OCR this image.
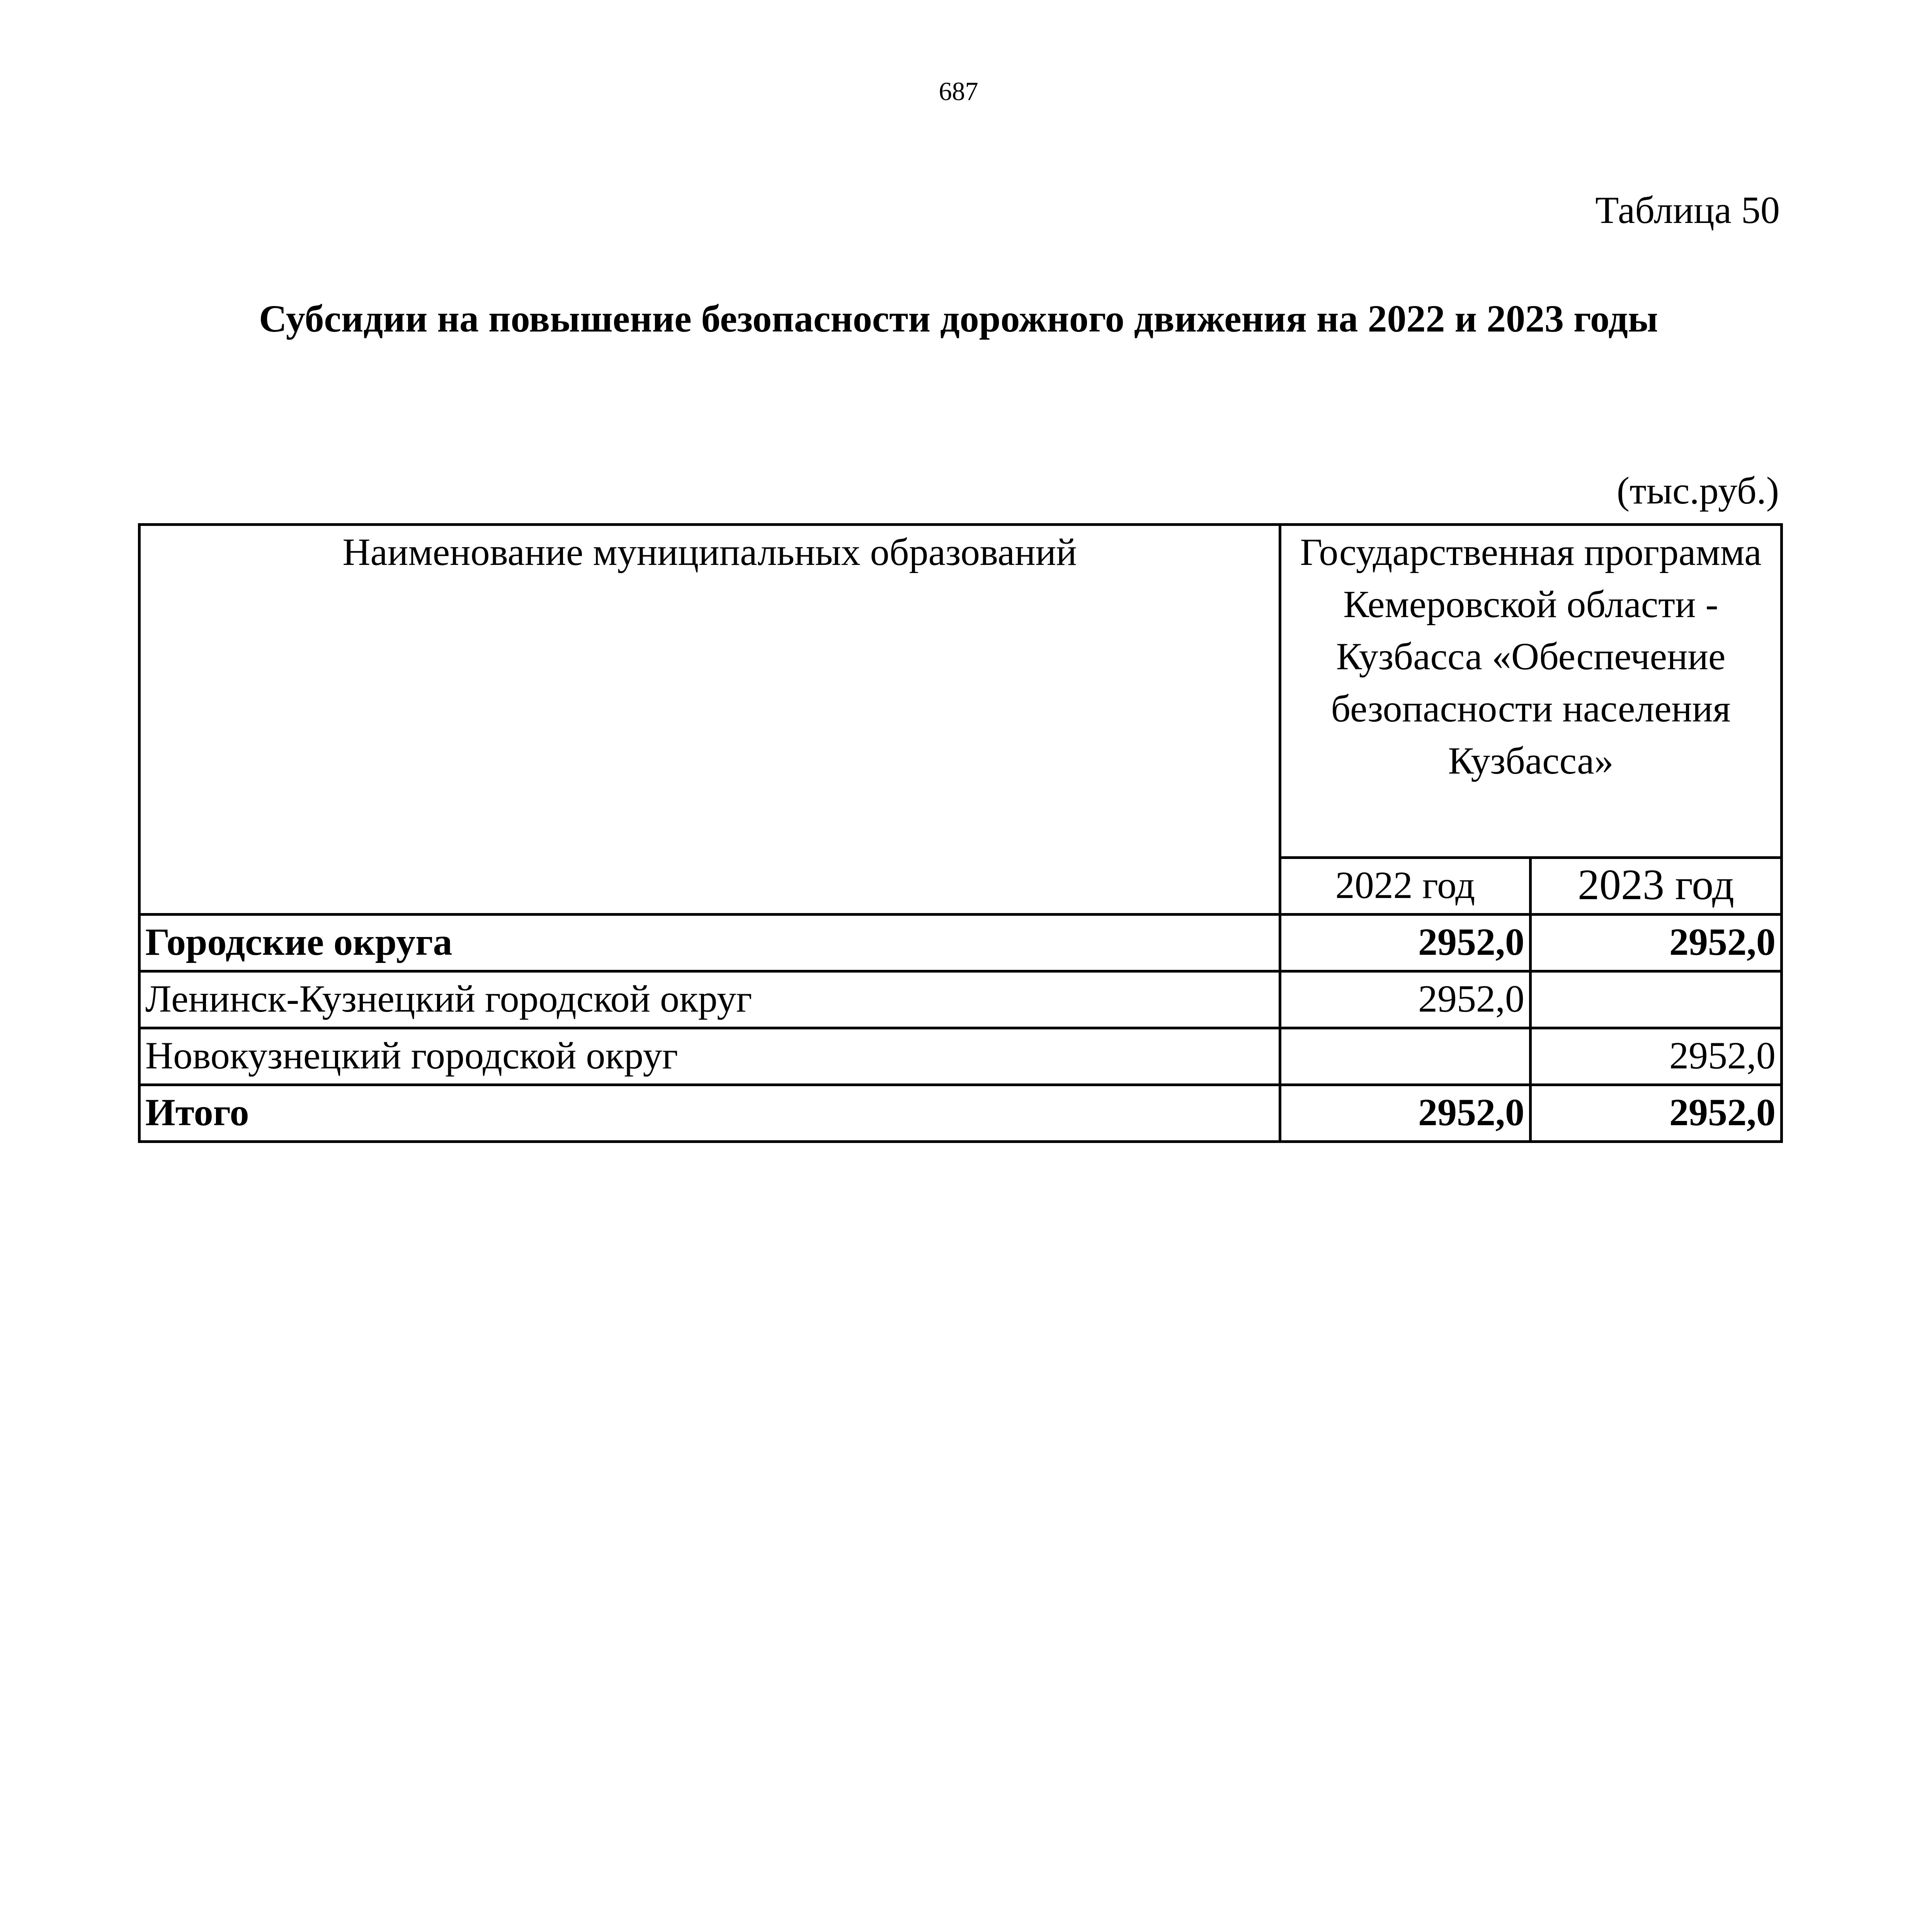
687
Таблица 50
Субсидии на повышение безопасности дорожного движения на 2022 и 2023 годы
(тыс.руб.)
Наименование муниципальных образований	Государственная программа Кемеровской области - Кузбасса «Обеспечение безопасности населения Кузбасса»	
	2022 год	2023 год
Городские округа	2952,0	2952,0
Ленинск-Кузнецкий городской округ	2952,0	
Новокузнецкий городской округ		2952,0
Итого	2952,0	2952,0
